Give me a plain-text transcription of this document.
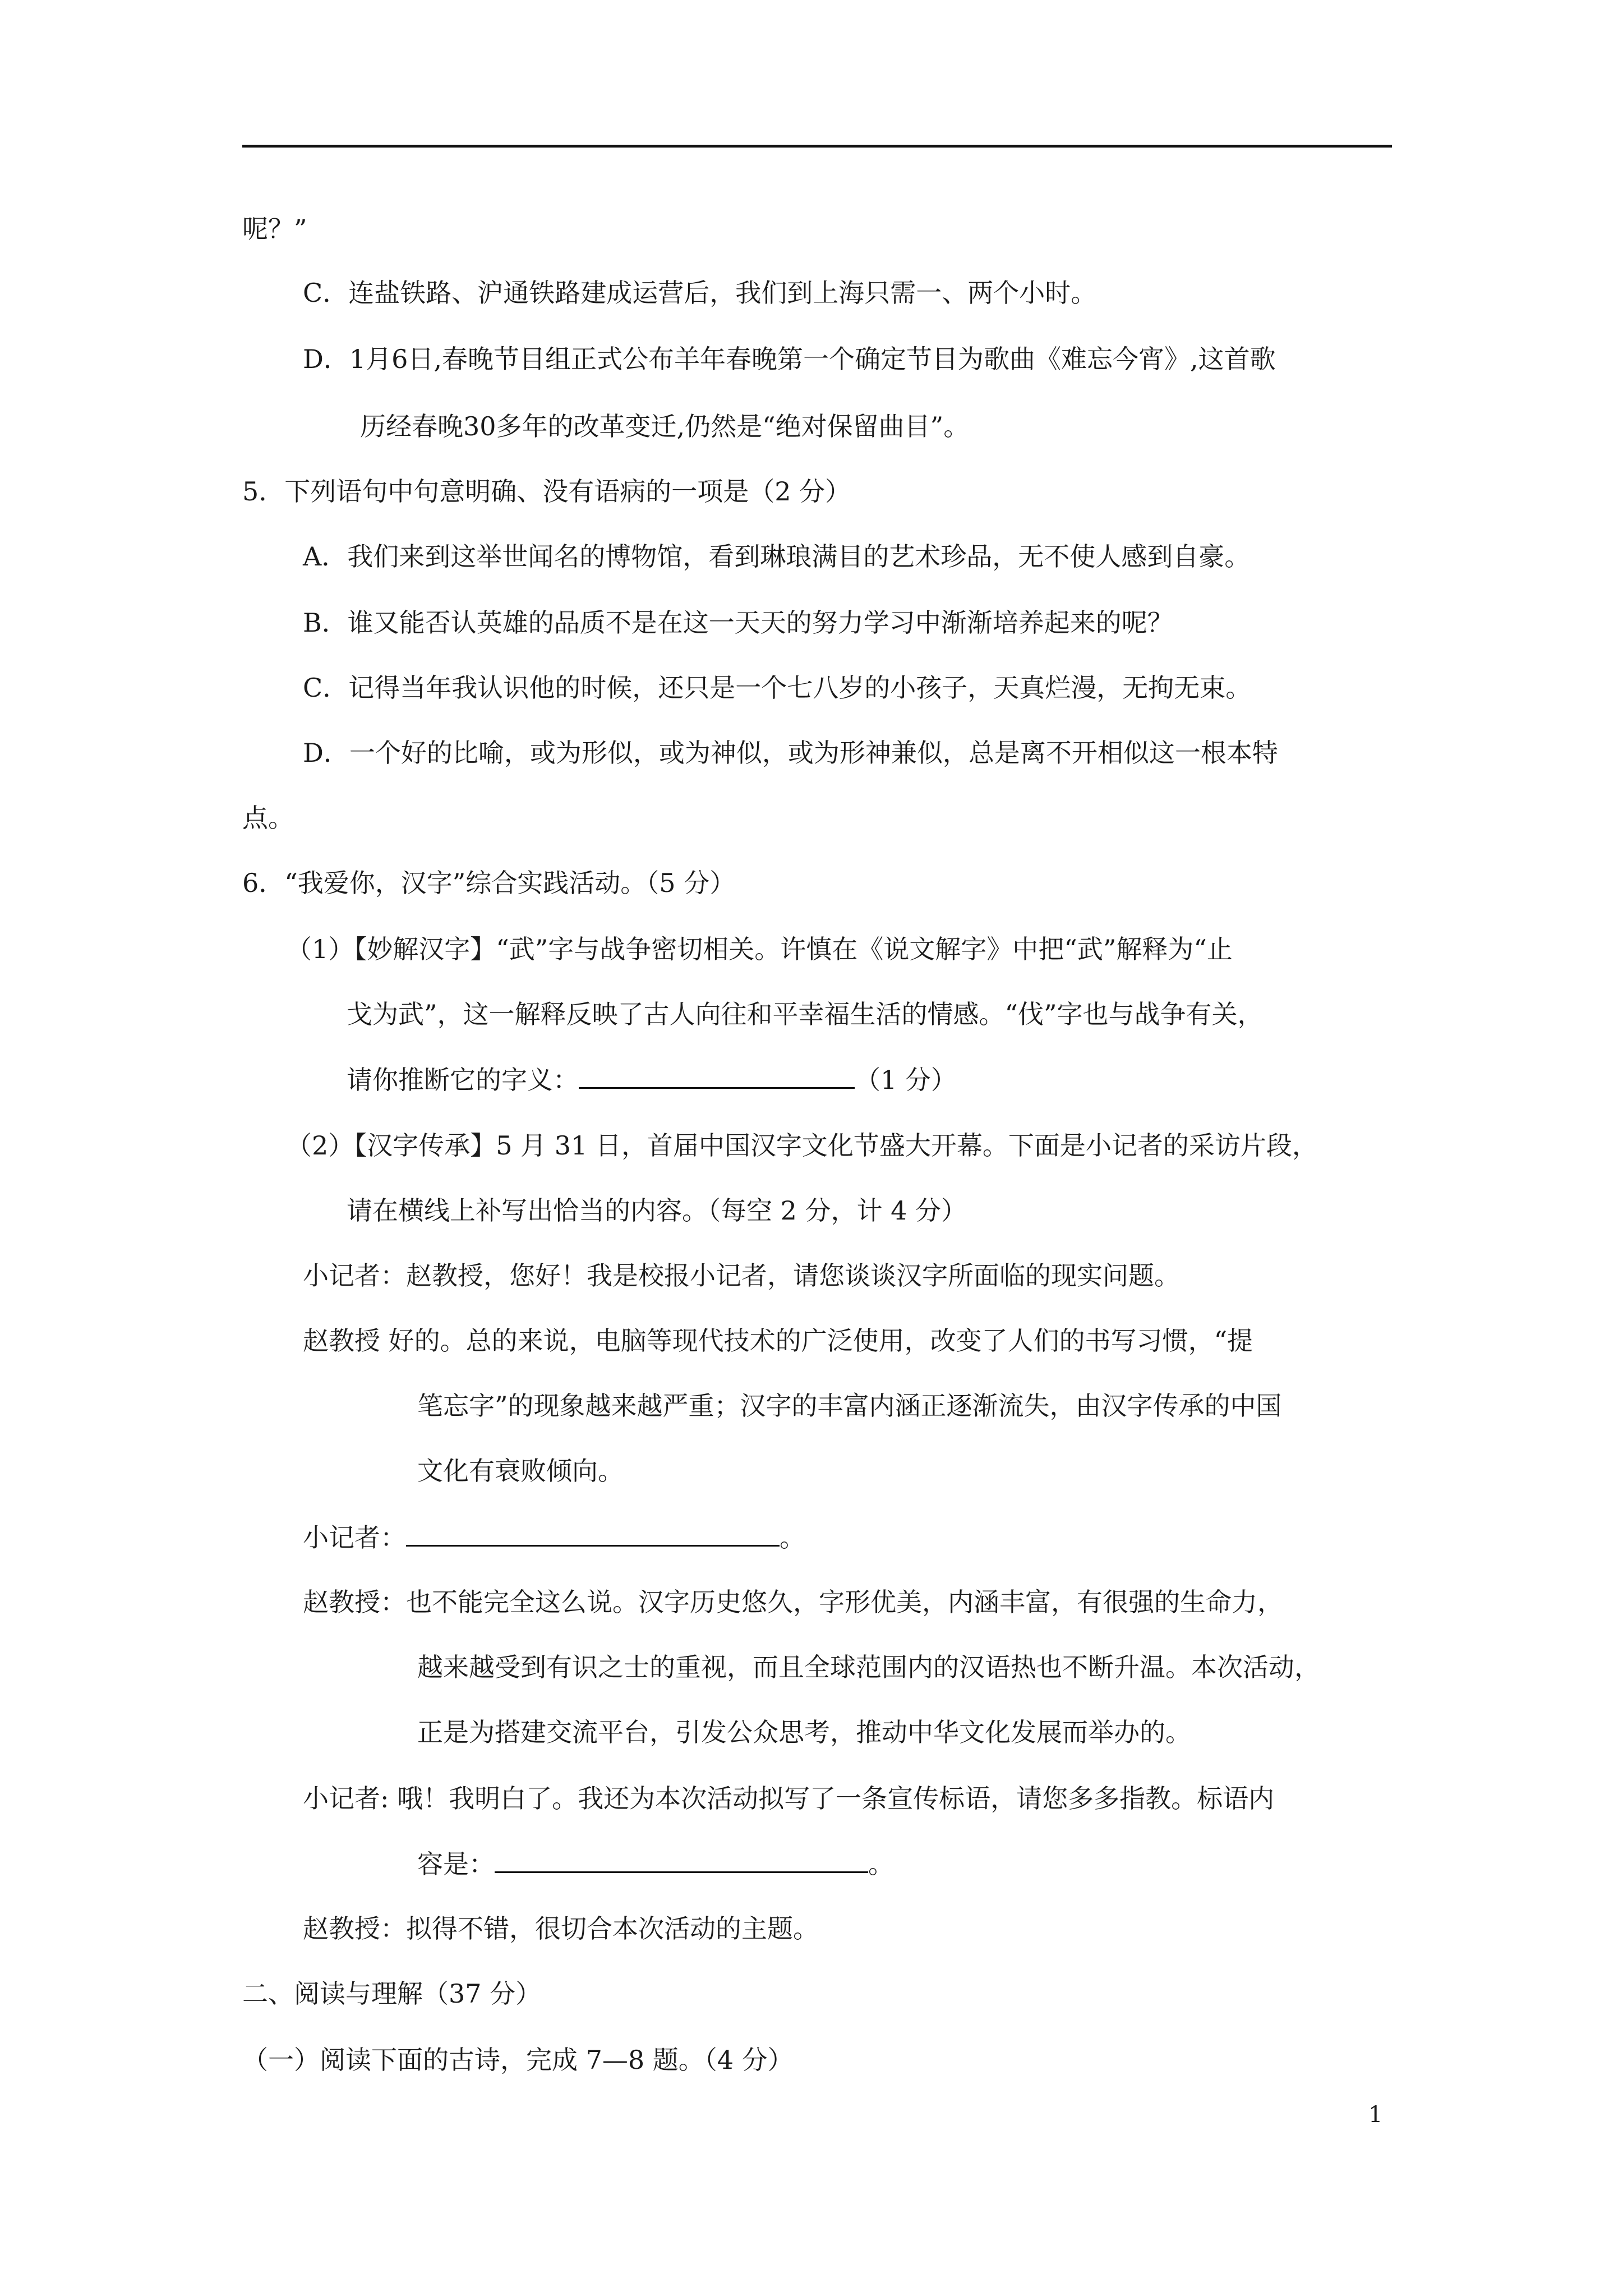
呢？”
C．连盐铁路、沪通铁路建成运营后，我们到上海只需一、两个小时。
D．1月6日,春晚节目组正式公布羊年春晚第一个确定节目为歌曲《难忘今宵》,这首歌
历经春晚30多年的改革变迁,仍然是“绝对保留曲目”。
5．下列语句中句意明确、没有语病的一项是（2 分）
A．我们来到这举世闻名的博物馆，看到琳琅满目的艺术珍品，无不使人感到自豪。
B．谁又能否认英雄的品质不是在这一天天的努力学习中渐渐培养起来的呢？
C．记得当年我认识他的时候，还只是一个七八岁的小孩子，天真烂漫，无拘无束。
D．一个好的比喻，或为形似，或为神似，或为形神兼似，总是离不开相似这一根本特
点。
6．“我爱你，汉字”综合实践活动。（5 分）
（1）【妙解汉字】“武”字与战争密切相关。许慎在《说文解字》中把“武”解释为“止
戈为武”，这一解释反映了古人向往和平幸福生活的情感。“伐”字也与战争有关，
请你推断它的字义：	（1 分）
（2）【汉字传承】5 月 31 日，首届中国汉字文化节盛大开幕。下面是小记者的采访片段，
请在横线上补写出恰当的内容。（每空 2 分，计 4 分）
小记者：赵教授，您好！我是校报小记者，请您谈谈汉字所面临的现实问题。
赵教授 好的。总的来说，电脑等现代技术的广泛使用，改变了人们的书写习惯，“提
笔忘字”的现象越来越严重；汉字的丰富内涵正逐渐流失，由汉字传承的中国
文化有衰败倾向。
小记者：	。
赵教授：也不能完全这么说。汉字历史悠久，字形优美，内涵丰富，有很强的生命力，
越来越受到有识之士的重视，而且全球范围内的汉语热也不断升温。本次活动，
正是为搭建交流平台，引发公众思考，推动中华文化发展而举办的。
小记者: 哦！我明白了。我还为本次活动拟写了一条宣传标语，请您多多指教。标语内
容是：	。
赵教授：拟得不错，很切合本次活动的主题。
二、阅读与理解（37 分）
（一）阅读下面的古诗，完成 7—8 题。（4 分）
1
